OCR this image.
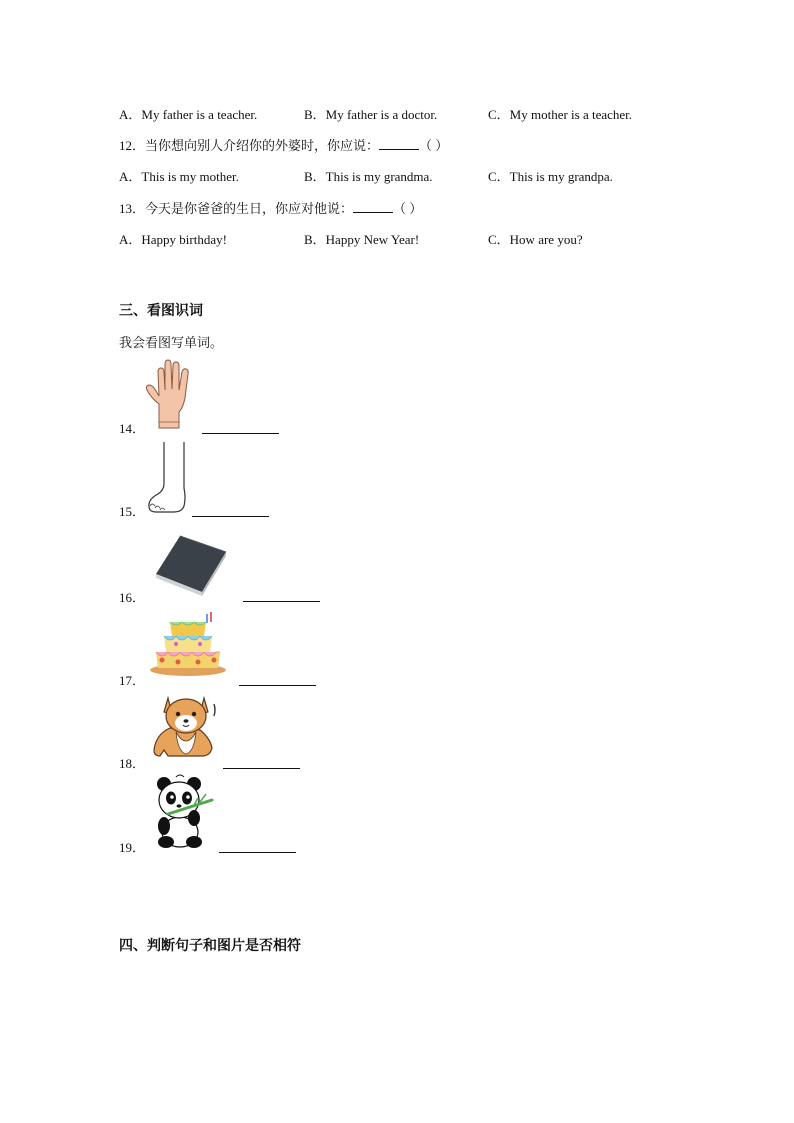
A．My father is a teacher.	B．My father is a doctor.	C．My mother is a teacher.
12．当你想向别人介绍你的外婆时，你应说：	（ ）
A．This is my mother.	B．This is my grandma.	C．This is my grandpa.
13．今天是你爸爸的生日，你应对他说：	（ ）
A．Happy birthday!	B．Happy New Year!	C．How are you?
三、看图识词
我会看图写单词。
14．
15．
16．
17．
18．
19．
四、判断句子和图片是否相符
